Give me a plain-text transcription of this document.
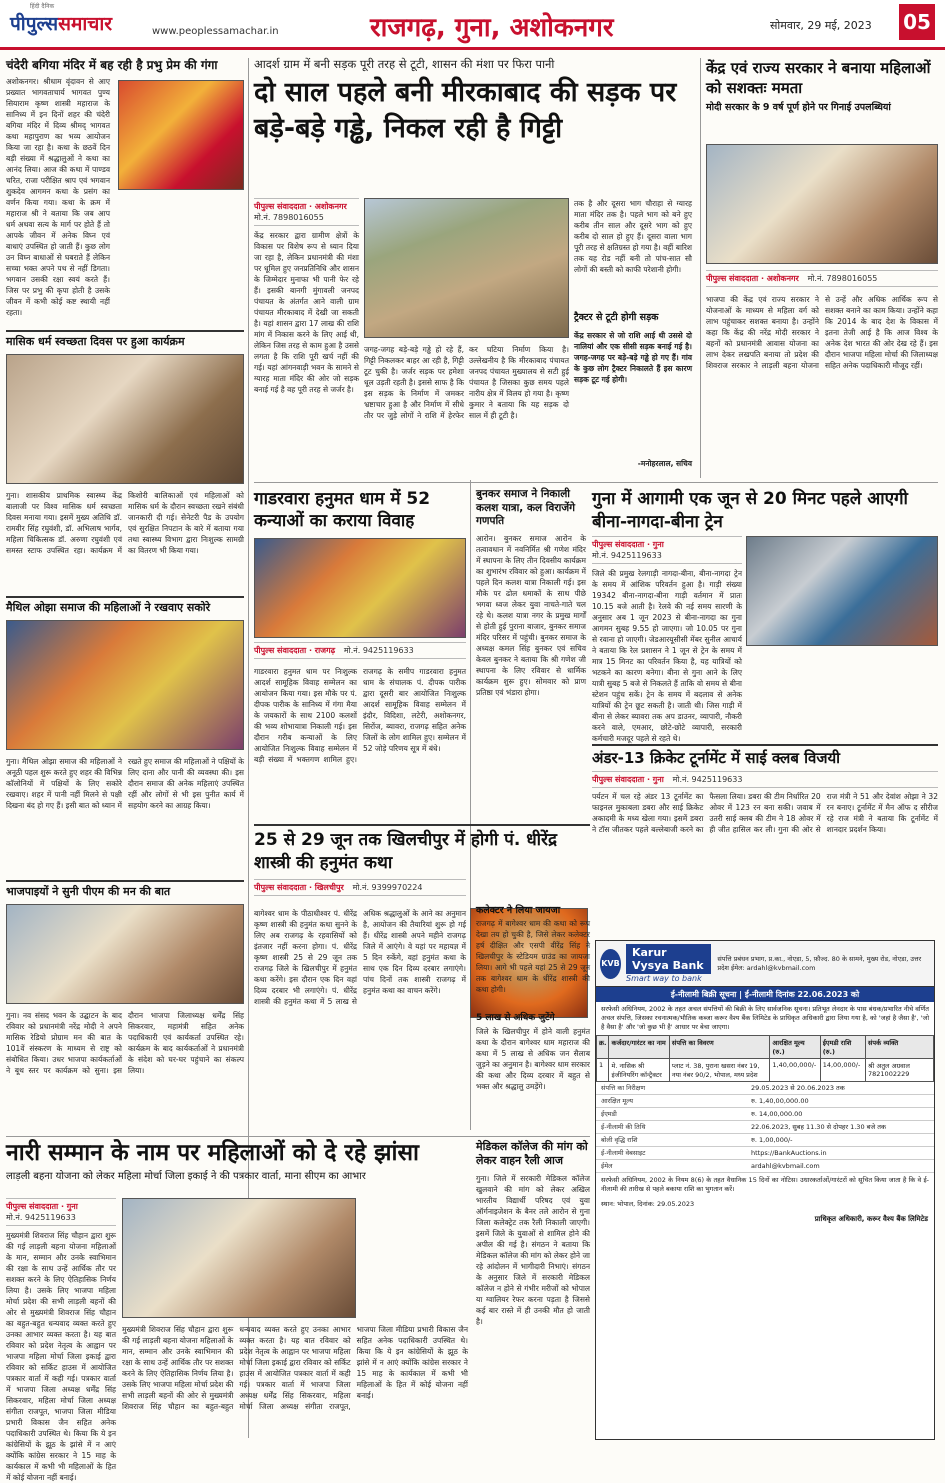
हिंदी दैनिक
पीपुल्ससमाचार	www.peoplessamachar.in	राजगढ़, गुना, अशोकनगर	सोमवार, 29 मई, 2023 05
चंदेरी बगिया मंदिर में बह रही है प्रभु प्रेम की गंगा
अशोकनगर। श्रीधाम वृंदावन से आए प्रख्यात भागवताचार्य भागवत पुण्य सियाराम कृष्ण शास्त्री महाराज के सानिध्य में इन दिनों शहर की चंदेरी बगिया मंदिर में दिव्य श्रीमद् भागवत कथा महापुराण का भव्य आयोजन किया जा रहा है। कथा के छठवें दिन बड़ी संख्या में श्रद्धालुओं ने कथा का आनंद लिया। आज की कथा में पाण्डव चरित, राजा परीक्षित श्राप एवं भगवान शुकदेव आगमन कथा के प्रसंग का वर्णन किया गया। कथा के क्रम में महाराज श्री ने बताया कि जब आप धर्म अथवा सत्य के मार्ग पर होते हैं तो आपके जीवन में अनेक विघ्न एवं बाधाएं उपस्थित हो जाती हैं। कुछ लोग उन विघ्न बाधाओं से घबराते हैं लेकिन सच्चा भक्त अपने पथ से नहीं डिगता। भगवान उसकी रक्षा स्वयं करते हैं। जिस पर प्रभु की कृपा होती है उसके जीवन में कभी कोई कष्ट स्थायी नहीं रहता।
मासिक धर्म स्वच्छता दिवस पर हुआ कार्यक्रम
गुना। शासकीय प्राथमिक स्वास्थ्य केंद्र बालाजी पर विश्व मासिक धर्म स्वच्छता दिवस मनाया गया। इसमें मुख्य अतिथि डॉ. रामवीर सिंह रघुवंशी, डॉ. अभिलाष भार्गव, महिला चिकित्सक डॉ. अरुणा रघुवंशी एवं समस्त स्टाफ उपस्थित रहा। कार्यक्रम में किशोरी बालिकाओं एवं महिलाओं को मासिक धर्म के दौरान स्वच्छता रखने संबंधी जानकारी दी गई। सेनेटरी पैड के उपयोग एवं सुरक्षित निपटान के बारे में बताया गया तथा स्वास्थ्य विभाग द्वारा निःशुल्क सामग्री का वितरण भी किया गया।
मैथिल ओझा समाज की महिलाओं ने रखवाए सकोरे
गुना। मैथिल ओझा समाज की महिलाओं ने अनूठी पहल शुरू करते हुए शहर की विभिन्न कॉलोनियों में पक्षियों के लिए सकोरे रखवाए। शहर में पानी नहीं मिलने से पक्षी दिखना बंद हो गए हैं। इसी बात को ध्यान में रखते हुए समाज की महिलाओं ने पक्षियों के लिए दाना और पानी की व्यवस्था की। इस दौरान समाज की अनेक महिलाएं उपस्थित रहीं और लोगों से भी इस पुनीत कार्य में सहयोग करने का आग्रह किया।
भाजपाइयों ने सुनी पीएम की मन की बात
गुना। नव संसद भवन के उद्घाटन के बाद रविवार को प्रधानमंत्री नरेंद्र मोदी ने अपने मासिक रेडियो प्रोग्राम मन की बात के 101वें संस्करण के माध्यम से राष्ट्र को संबोधित किया। उधर भाजपा कार्यकर्ताओं ने बूथ स्तर पर कार्यक्रम को सुना। इस दौरान भाजपा जिलाध्यक्ष धर्मेंद्र सिंह सिकरवार, महामंत्री सहित अनेक पदाधिकारी एवं कार्यकर्ता उपस्थित रहे। कार्यक्रम के बाद कार्यकर्ताओं ने प्रधानमंत्री के संदेश को घर-घर पहुंचाने का संकल्प लिया।
आदर्श ग्राम में बनी सड़क पूरी तरह से टूटी, शासन की मंशा पर फिरा पानी
दो साल पहले बनी मीरकाबाद की सड़क पर बड़े-बड़े गड्ढे, निकल रही है गिट्टी
पीपुल्स संवाददाता · अशोकनगर
मो.नं. 7898016055
केंद्र सरकार द्वारा ग्रामीण क्षेत्रों के विकास पर विशेष रूप से ध्यान दिया जा रहा है, लेकिन प्रधानमंत्री की मंशा पर धूमिल हुए जनप्रतिनिधि और शासन के जिम्मेदार मुनाफा भी पानी फेर रहे हैं। इसकी बानगी मुंगावली जनपद पंचायत के अंतर्गत आने वाली ग्राम पंचायत मीरकाबाद में देखी जा सकती है। यहां शासन द्वारा 17 लाख की राशि मांग में निकास करने के लिए आई थी, लेकिन जिस तरह से काम हुआ है उससे लगता है कि राशि पूरी खर्च नहीं की गई। यहां आंगनवाड़ी भवन के सामने से ग्यारह माता मंदिर की ओर जो सड़क बनाई गई है वह पूरी तरह से जर्जर है।
जगह-जगह बड़े-बड़े गड्ढे हो रहे हैं, गिट्टी निकलकर बाहर आ रही है, गिट्टी टूट चुकी है। जर्जर सड़क पर हमेशा धूल उड़ती रहती है। इससे साफ है कि इस सड़क के निर्माण में जमकर भ्रष्टाचार हुआ है और निर्माण में सीधे तौर पर जुड़े लोगों ने राशि में हेरफेर कर घटिया निर्माण किया है। उल्लेखनीय है कि मीरकाबाद पंचायत जनपद पंचायत मुख्यालय से सटी हुई पंचायत है जिसका कुछ समय पहले नारीय क्षेत्र में विलय हो गया है। कृष्ण कुमार ने बताया कि यह सड़क दो साल में ही टूटी है।
तक है और दूसरा भाग चौराहा से ग्यारह माता मंदिर तक है। पहले भाग को बने हुए करीब तीन साल और दूसरे भाग को हुए करीब दो साल हो हुए हैं। दूसरा वाला भाग पूरी तरह से क्षतिग्रस्त हो गया है। वहीं बारिश तक यह रोड नहीं बनी तो पांच-सात सौ लोगों की बस्ती को काफी परेशानी होगी।
ट्रैक्टर से टूटी होगी सड़क
केंद्र सरकार से जो राशि आई थी उससे दो नालियां और एक सीसी सड़क बनाई गई है। जगह-जगह पर बड़े-बड़े गड्ढे हो गए हैं। गांव के कुछ लोग ट्रैक्टर निकालते हैं इस कारण सड़क टूट गई होगी।
-मनोहरलाल, सचिव
केंद्र एवं राज्य सरकार ने बनाया महिलाओं को सशक्तः ममता
मोदी सरकार के 9 वर्ष पूर्ण होने पर गिनाई उपलब्धियां
पीपुल्स संवाददाता · अशोकनगर मो.नं. 7898016055
भाजपा की केंद्र एवं राज्य सरकार ने योजनाओं के माध्यम से महिला वर्ग को लाभ पहुंचाकर सशक्त बनाया है। उन्होंने कहा कि केंद्र की नरेंद्र मोदी सरकार ने बहनों को प्रधानमंत्री आवास योजना का लाभ देकर लखपति बनाया तो प्रदेश की शिवराज सरकार ने लाड़ली बहना योजना से उन्हें और अधिक आर्थिक रूप से सशक्त बनाने का काम किया। उन्होंने कहा कि 2014 के बाद देश के विकास में इतना तेजी आई है कि आज विश्व के अनेक देश भारत की ओर देख रहे हैं। इस दौरान भाजपा महिला मोर्चा की जिलाध्यक्ष सहित अनेक पदाधिकारी मौजूद रहीं।
गाडरवारा हनुमत धाम में 52 कन्याओं का कराया विवाह
पीपुल्स संवाददाता · राजगढ़ मो.नं. 9425119633
गाडरवारा हनुमत धाम पर निःशुल्क आदर्श सामूहिक विवाह सम्मेलन का आयोजन किया गया। इस मौके पर पं. दीपक पारीक के सानिध्य में गंगा मैया के जयकारों के साथ 2100 कलशों की भव्य शोभायात्रा निकाली गई। इस दौरान गरीब कन्याओं के लिए आयोजित निःशुल्क विवाह सम्मेलन में बड़ी संख्या में भक्तगण शामिल हुए। राजगढ़ के समीप गाडरवारा हनुमत धाम के संचालक पं. दीपक पारीक द्वारा दूसरी बार आयोजित निःशुल्क आदर्श सामूहिक विवाह सम्मेलन में इंदौर, विदिशा, लटेरी, अशोकनगर, सिरोंज, ब्यावरा, राजगढ़ सहित अनेक जिलों के लोग शामिल हुए। सम्मेलन में 52 जोड़े परिणय सूत्र में बंधे।
बुनकर समाज ने निकाली कलश यात्रा, कल विराजेंगे गणपति
आरोन। बुनकर समाज आरोन के तत्वावधान में नवनिर्मित श्री गणेश मंदिर में स्थापना के लिए तीन दिवसीय कार्यक्रम का शुभारंभ रविवार को हुआ। कार्यक्रम में पहले दिन कलश यात्रा निकाली गई। इस मौके पर ढोल धमाकों के साथ पीछे भगवा ध्वज लेकर युवा नाचते-गाते चल रहे थे। कलश यात्रा नगर के प्रमुख मार्गों से होती हुई पुराना बाजार, बुनकर समाज मंदिर परिसर में पहुंची। बुनकर समाज के अध्यक्ष कमल सिंह बुनकर एवं सचिव केवल बुनकर ने बताया कि श्री गणेश जी स्थापना के लिए रविवार से धार्मिक कार्यक्रम शुरू हुए। सोमवार को प्राण प्रतिष्ठा एवं भंडारा होगा।
गुना में आगामी एक जून से 20 मिनट पहले आएगी बीना-नागदा-बीना ट्रेन
पीपुल्स संवाददाता · गुना
मो.नं. 9425119633
जिले की प्रमुख रेलगाड़ी नागदा-बीना, बीना-नागदा ट्रेन के समय में आंशिक परिवर्तन हुआ है। गाड़ी संख्या 19342 बीना-नागदा-बीना गाड़ी वर्तमान में प्रातः 10.15 बजे आती है। रेलवे की नई समय सारणी के अनुसार अब 1 जून 2023 से बीना-नागदा का गुना आगमन सुबह 9.55 हो जाएगा। जो 10.05 पर गुना से रवाना हो जाएगी। जेडआरयूसीसी मेंबर सुनील आचार्य ने बताया कि रेल प्रशासन ने 1 जून से ट्रेन के समय में मात्र 15 मिनट का परिवर्तन किया है, यह यात्रियों को भटकने का कारण बनेगा। बीना से गुना आने के लिए यात्री सुबह 5 बजे से निकलते हैं ताकि वो समय से बीना स्टेशन पहुंच सकें। ट्रेन के समय में बदलाव से अनेक यात्रियों की ट्रेन छूट सकती है। जाती थी। जिस गाड़ी में बीना से लेकर ब्यावरा तक अप डाउनर, व्यापारी, नौकरी करने वाले, एमआर, छोटे-छोटे व्यापारी, सरकारी कर्मचारी मजदूर पहले से रहते थे।
अंडर-13 क्रिकेट टूर्नामेंट में साई क्लब विजयी
पीपुल्स संवाददाता · गुना मो.नं. 9425119633
पर्यटन में चल रहे अंडर 13 टूर्नामेंट का फाइनल मुकाबला डबरा और साई क्रिकेट अकादमी के मध्य खेला गया। इसमें डबरा ने टॉस जीतकर पहले बल्लेबाजी करने का फैसला लिया। डबरा की टीम निर्धारित 20 ओवर में 123 रन बना सकी। जवाब में उतरी साई क्लब की टीम ने 18 ओवर में ही जीत हासिल कर ली। गुना की ओर से राज मंत्री ने 51 और देवांश ओझा ने 32 रन बनाए। टूर्नामेंट में मैन ऑफ द सीरीज रहे राज मंत्री ने बताया कि टूर्नामेंट में शानदार प्रदर्शन किया।
25 से 29 जून तक खिलचीपुर में होगी पं. धीरेंद्र शास्त्री की हनुमंत कथा
पीपुल्स संवाददाता · खिलचीपुर मो.नं. 9399970224
बागेश्वर धाम के पीठाधीश्वर पं. धीरेंद्र कृष्ण शास्त्री की हनुमंत कथा सुनने के लिए अब राजगढ़ के रहवासियों को इंतजार नहीं करना होगा। पं. धीरेंद्र कृष्ण शास्त्री 25 से 29 जून तक राजगढ़ जिले के खिलचीपुर में हनुमंत कथा करेंगे। इस दौरान एक दिन वहां दिव्य दरबार भी लगाएंगे। पं. धीरेंद्र शास्त्री की हनुमंत कथा में 5 लाख से अधिक श्रद्धालुओं के आने का अनुमान है, आयोजन की तैयारियां शुरू हो गई हैं। धीरेंद्र शास्त्री अपने महीने राजगढ़ जिले में आएंगे। वे यहां पर महायज्ञ में 5 दिन रुकेंगे, वहां हनुमंत कथा के साथ एक दिन दिव्य दरबार लगाएंगे। पांच दिनों तक शास्त्री राजगढ़ में हनुमंत कथा का वाचन करेंगे।
कलेक्टर ने लिया जायजा
राजगढ़ में बागेश्वर धाम की कथा को रूप देखा तय हो चुकी है, जिसे लेकर कलेक्टर हर्ष दीक्षित और एसपी वीरेंद्र सिंह ने खिलचीपुर के स्टेडियम ग्राउंड का जायजा लिया। आगे भी पहले यहां 25 से 29 जून तक बागेश्वर धाम के धीरेंद्र शास्त्री की कथा होगी।
5 लाख से अधिक जुटेंगे
जिले के खिलचीपुर में होने वाली हनुमंत कथा के दौरान बागेश्वर धाम महाराज की कथा में 5 लाख से अधिक जन सैलाब जुड़ने का अनुमान है। बागेश्वर धाम सरकार की कथा और दिव्य दरबार में बहुत से भक्त और श्रद्धालु उमड़ेंगे।
नारी सम्मान के नाम पर महिलाओं को दे रहे झांसा
लाड़ली बहना योजना को लेकर महिला मोर्चा जिला इकाई ने की पत्रकार वार्ता, माना सीएम का आभार
पीपुल्स संवाददाता · गुना
मो.नं. 9425119633
मुख्यमंत्री शिवराज सिंह चौहान द्वारा शुरू की गई लाड़ली बहना योजना महिलाओं के मान, सम्मान और उनके स्वाभिमान की रक्षा के साथ उन्हें आर्थिक तौर पर सशक्त करने के लिए ऐतिहासिक निर्णय लिया है। उसके लिए भाजपा महिला मोर्चा प्रदेश की सभी लाड़ली बहनों की ओर से मुख्यमंत्री शिवराज सिंह चौहान का बहुत-बहुत धन्यवाद व्यक्त करते हुए उनका आभार व्यक्त करता है। यह बात रविवार को प्रदेश नेतृत्व के आह्वान पर भाजपा महिला मोर्चा जिला इकाई द्वारा रविवार को सर्किट हाउस में आयोजित पत्रकार वार्ता में कही गई। पत्रकार वार्ता में भाजपा जिला अध्यक्ष धर्मेंद्र सिंह सिकरवार, महिला मोर्चा जिला अध्यक्ष संगीता राजपूत, भाजपा जिला मीडिया प्रभारी विकास जैन सहित अनेक पदाधिकारी उपस्थित थे। किया कि ये इन कांग्रेसियों के झूठ के झांसे में न आएं क्योंकि कांग्रेस सरकार ने 15 माह के कार्यकाल में कभी भी महिलाओं के हित में कोई योजना नहीं बनाई।
मुख्यमंत्री शिवराज सिंह चौहान द्वारा शुरू की गई लाड़ली बहना योजना महिलाओं के मान, सम्मान और उनके स्वाभिमान की रक्षा के साथ उन्हें आर्थिक तौर पर सशक्त करने के लिए ऐतिहासिक निर्णय लिया है। उसके लिए भाजपा महिला मोर्चा प्रदेश की सभी लाड़ली बहनों की ओर से मुख्यमंत्री शिवराज सिंह चौहान का बहुत-बहुत धन्यवाद व्यक्त करते हुए उनका आभार व्यक्त करता है। यह बात रविवार को प्रदेश नेतृत्व के आह्वान पर भाजपा महिला मोर्चा जिला इकाई द्वारा रविवार को सर्किट हाउस में आयोजित पत्रकार वार्ता में कही गई। पत्रकार वार्ता में भाजपा जिला अध्यक्ष धर्मेंद्र सिंह सिकरवार, महिला मोर्चा जिला अध्यक्ष संगीता राजपूत, भाजपा जिला मीडिया प्रभारी विकास जैन सहित अनेक पदाधिकारी उपस्थित थे। किया कि ये इन कांग्रेसियों के झूठ के झांसे में न आएं क्योंकि कांग्रेस सरकार ने 15 माह के कार्यकाल में कभी भी महिलाओं के हित में कोई योजना नहीं बनाई।
मेडिकल कॉलेज की मांग को लेकर वाहन रैली आज
गुना। जिले में सरकारी मेडिकल कॉलेज खुलवाने की मांग को लेकर अखिल भारतीय विद्यार्थी परिषद एवं युवा ऑर्गनाइजेशन के बैनर तले आरोन से गुना जिला कलेक्ट्रेट तक रैली निकाली जाएगी। इसमें जिले के युवाओं से शामिल होने की अपील की गई है। संगठन ने बताया कि मेडिकल कॉलेज की मांग को लेकर होने जा रहे आंदोलन में भागीदारी निभाएं। संगठन के अनुसार जिले में सरकारी मेडिकल कॉलेज न होने से गंभीर मरीजों को भोपाल या ग्वालियर रेफर करना पड़ता है जिससे कई बार रास्ते में ही उनकी मौत हो जाती है।
KVB
Karur Vysya Bank
Smart way to bank
संपत्ति प्रबंधन प्रभाग, प्र.का., नोएडा, 5, फ़ौज्द. 80 के सामने, मुख्य रोड, नोएडा, उत्तर प्रदेश ईमेल: ardahl@kvbmail.com
ई-नीलामी बिक्री सूचना | ई-नीलामी दिनांक 22.06.2023 को
सरफेसी अधिनियम, 2002 के तहत अचल संपत्तियों की बिक्री के लिए सार्वजनिक सूचना। प्रतिभूत लेनदार के पास बंधक/प्रभारित नीचे वर्णित अचल संपत्ति, जिसका रचनात्मक/भौतिक कब्जा करूर वैश्य बैंक लिमिटेड के प्राधिकृत अधिकारी द्वारा लिया गया है, को 'जहां है जैसा है', 'जो है वैसा है' और 'जो कुछ भी है' आधार पर बेचा जाएगा।
क्र.	कर्जदार/गारंटर का नाम	संपत्ति का विवरण	आरक्षित मूल्य (रु.)	ईएमडी राशि (रु.)	संपर्क व्यक्ति
1	मे. नासिक श्री इंजीनियरिंग कॉन्ट्रैक्टर	प्लाट नं. 38, पुराना खसरा नंबर 19, नया नंबर 90/2, भोपाल, मध्य प्रदेश	1,40,00,000/-	14,00,000/-	श्री अतुल अग्रवाल 7821002229
संपत्ति का निरीक्षण	29.05.2023 से 20.06.2023 तक
आरक्षित मूल्य	रु. 1,40,00,000.00
ईएमडी	रु. 14,00,000.00
ई-नीलामी की तिथि	22.06.2023, सुबह 11.30 से दोपहर 1.30 बजे तक
बोली वृद्धि राशि	रु. 1,00,000/-
ई-नीलामी वेबसाइट	https://BankAuctions.in
ईमेल	ardahl@kvbmail.com
सरफेसी अधिनियम, 2002 के नियम 8(6) के तहत वैधानिक 15 दिनों का नोटिस। उधारकर्ताओं/गारंटरों को सूचित किया जाता है कि वे ई-नीलामी की तारीख से पहले बकाया राशि का भुगतान करें।
स्थान: भोपाल, दिनांक: 29.05.2023
प्राधिकृत अधिकारी, करूर वैश्य बैंक लिमिटेड
